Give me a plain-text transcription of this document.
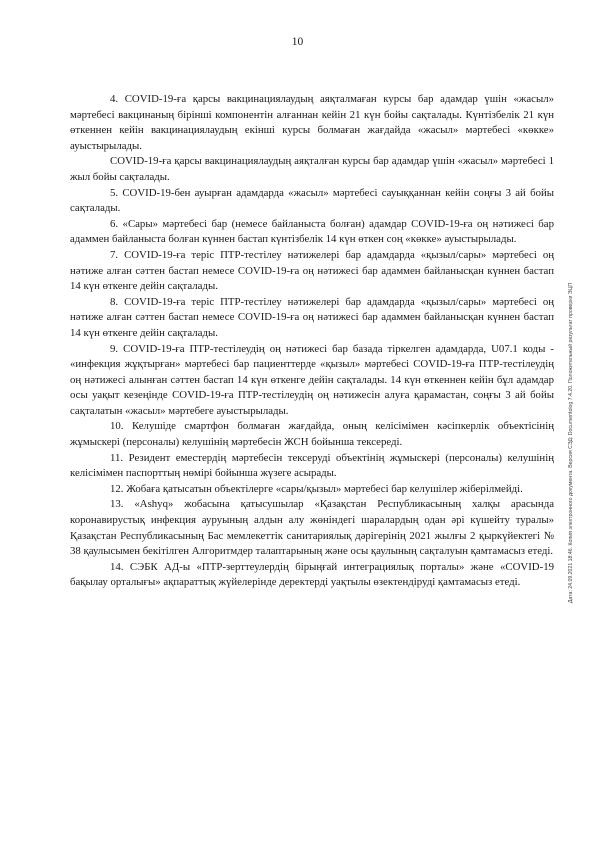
10

4. COVID-19-ға қарсы вакцинациялаудың аяқталмаған курсы бар адамдар үшін «жасыл» мәртебесі вакцинаның бірінші компонентін алғаннан кейін 21 күн бойы сақталады. Күнтізбелік 21 күн өткеннен кейін вакцинациялаудың екінші курсы болмаған жағдайда «жасыл» мәртебесі «көкке» ауыстырылады.

COVID-19-ға қарсы вакцинациялаудың аяқталған курсы бар адамдар үшін «жасыл» мәртебесі 1 жыл бойы сақталады.

5. COVID-19-бен ауырған адамдарда «жасыл» мәртебесі сауыққаннан кейін соңғы 3 ай бойы сақталады.

6. «Сары» мәртебесі бар (немесе байланыста болған) адамдар COVID-19-ға оң нәтижесі бар адаммен байланыста болған күннен бастап күнтізбелік 14 күн өткен соң «көкке» ауыстырылады.

7. COVID-19-ға теріс ПТР-тестілеу нәтижелері бар адамдарда «қызыл/сары» мәртебесі оң нәтиже алған сәттен бастап немесе COVID-19-ға оң нәтижесі бар адаммен байланысқан күннен бастап 14 күн өткенге дейін сақталады.

8. COVID-19-ға теріс ПТР-тестілеу нәтижелері бар адамдарда «қызыл/сары» мәртебесі оң нәтиже алған сәттен бастап немесе COVID-19-ға оң нәтижесі бар адаммен байланысқан күннен бастап 14 күн өткенге дейін сақталады.

9. COVID-19-ға ПТР-тестілеудің оң нәтижесі бар базада тіркелген адамдарда, U07.1 коды - «инфекция жұқтырған» мәртебесі бар пациенттерде «қызыл» мәртебесі COVID-19-ға ПТР-тестілеудің оң нәтижесі алынған сәттен бастап 14 күн өткенге дейін сақталады. 14 күн өткеннен кейін бұл адамдар осы уақыт кезеңінде COVID-19-ға ПТР-тестілеудің оң нәтижесін алуға қарамастан, соңғы 3 ай бойы сақталатын «жасыл» мәртебеге ауыстырылады.

10. Келушіде смартфон болмаған жағдайда, оның келісімімен кәсіпкерлік объектісінің жұмыскері (персоналы) келушінің мәртебесін ЖСН бойынша тексереді.

11. Резидент еместердің мәртебесін тексеруді объектінің жұмыскері (персоналы) келушінің келісімімен паспорттың нөмірі бойынша жүзеге асырады.

12. Жобаға қатысатын объектілерге «сары/қызыл» мәртебесі бар келушілер жіберілмейді.

13. «Ashyq» жобасына қатысушылар «Қазақстан Республикасының халқы арасында коронавирустық инфекция ауруының алдын алу жөніндегі шаралардың одан әрі күшейту туралы» Қазақстан Республикасының Бас мемлекеттік санитариялық дәрігерінің 2021 жылғы 2 қыркүйектегі № 38 қаулысымен бекітілген Алгоритмдер талаптарының және осы қаулының сақталуын қамтамасыз етеді.

14. СЭБК АД-ы «ПТР-зерттеулердің бірыңғай интеграциялық порталы» және «COVID-19 бақылау орталығы» ақпараттық жүйелерінде деректерді уақтылы өзектендіруді қамтамасыз етеді.	Дата: 24.09.2021 18:46. Копия электронного документа. Версия СЭД: Documentolog 7.4.20. Положительный результат проверки ЭЦП
